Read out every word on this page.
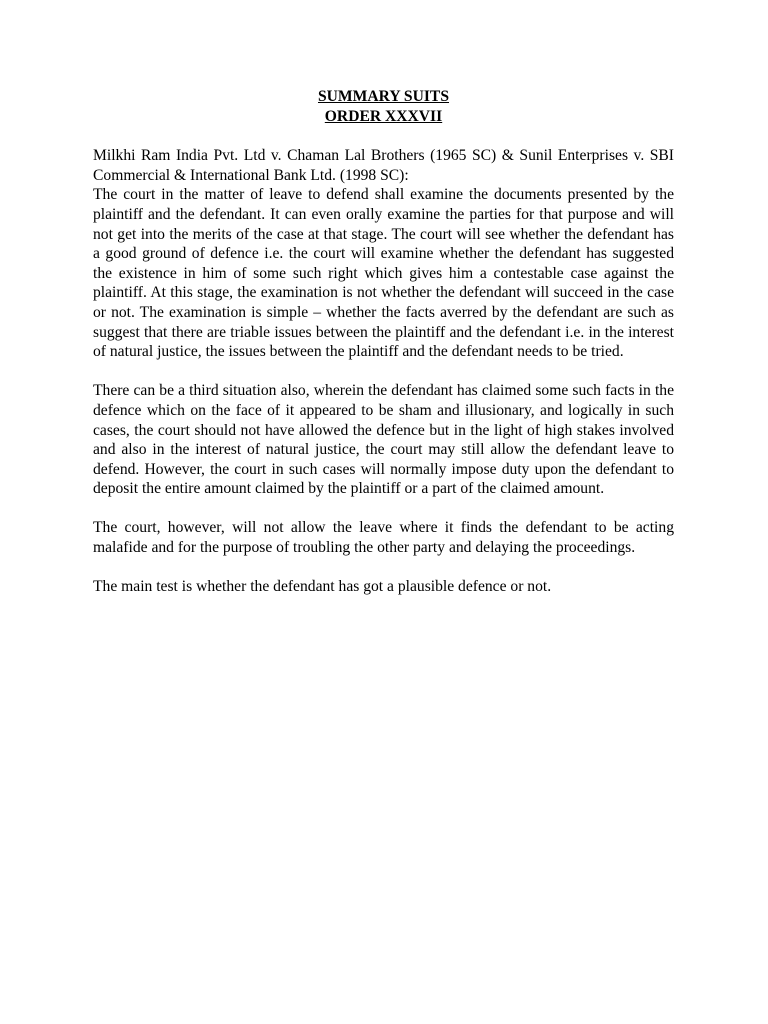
SUMMARY SUITS

ORDER XXXVII

Milkhi Ram India Pvt. Ltd v. Chaman Lal Brothers (1965 SC) & Sunil Enterprises v. SBI Commercial & International Bank Ltd. (1998 SC):

The court in the matter of leave to defend shall examine the documents presented by the plaintiff and the defendant. It can even orally examine the parties for that purpose and will not get into the merits of the case at that stage. The court will see whether the defendant has a good ground of defence i.e. the court will examine whether the defendant has suggested the existence in him of some such right which gives him a contestable case against the plaintiff. At this stage, the examination is not whether the defendant will succeed in the case or not. The examination is simple – whether the facts averred by the defendant are such as suggest that there are triable issues between the plaintiff and the defendant i.e. in the interest of natural justice, the issues between the plaintiff and the defendant needs to be tried.

There can be a third situation also, wherein the defendant has claimed some such facts in the defence which on the face of it appeared to be sham and illusionary, and logically in such cases, the court should not have allowed the defence but in the light of high stakes involved and also in the interest of natural justice, the court may still allow the defendant leave to defend. However, the court in such cases will normally impose duty upon the defendant to deposit the entire amount claimed by the plaintiff or a part of the claimed amount.

The court, however, will not allow the leave where it finds the defendant to be acting malafide and for the purpose of troubling the other party and delaying the proceedings.

The main test is whether the defendant has got a plausible defence or not.
